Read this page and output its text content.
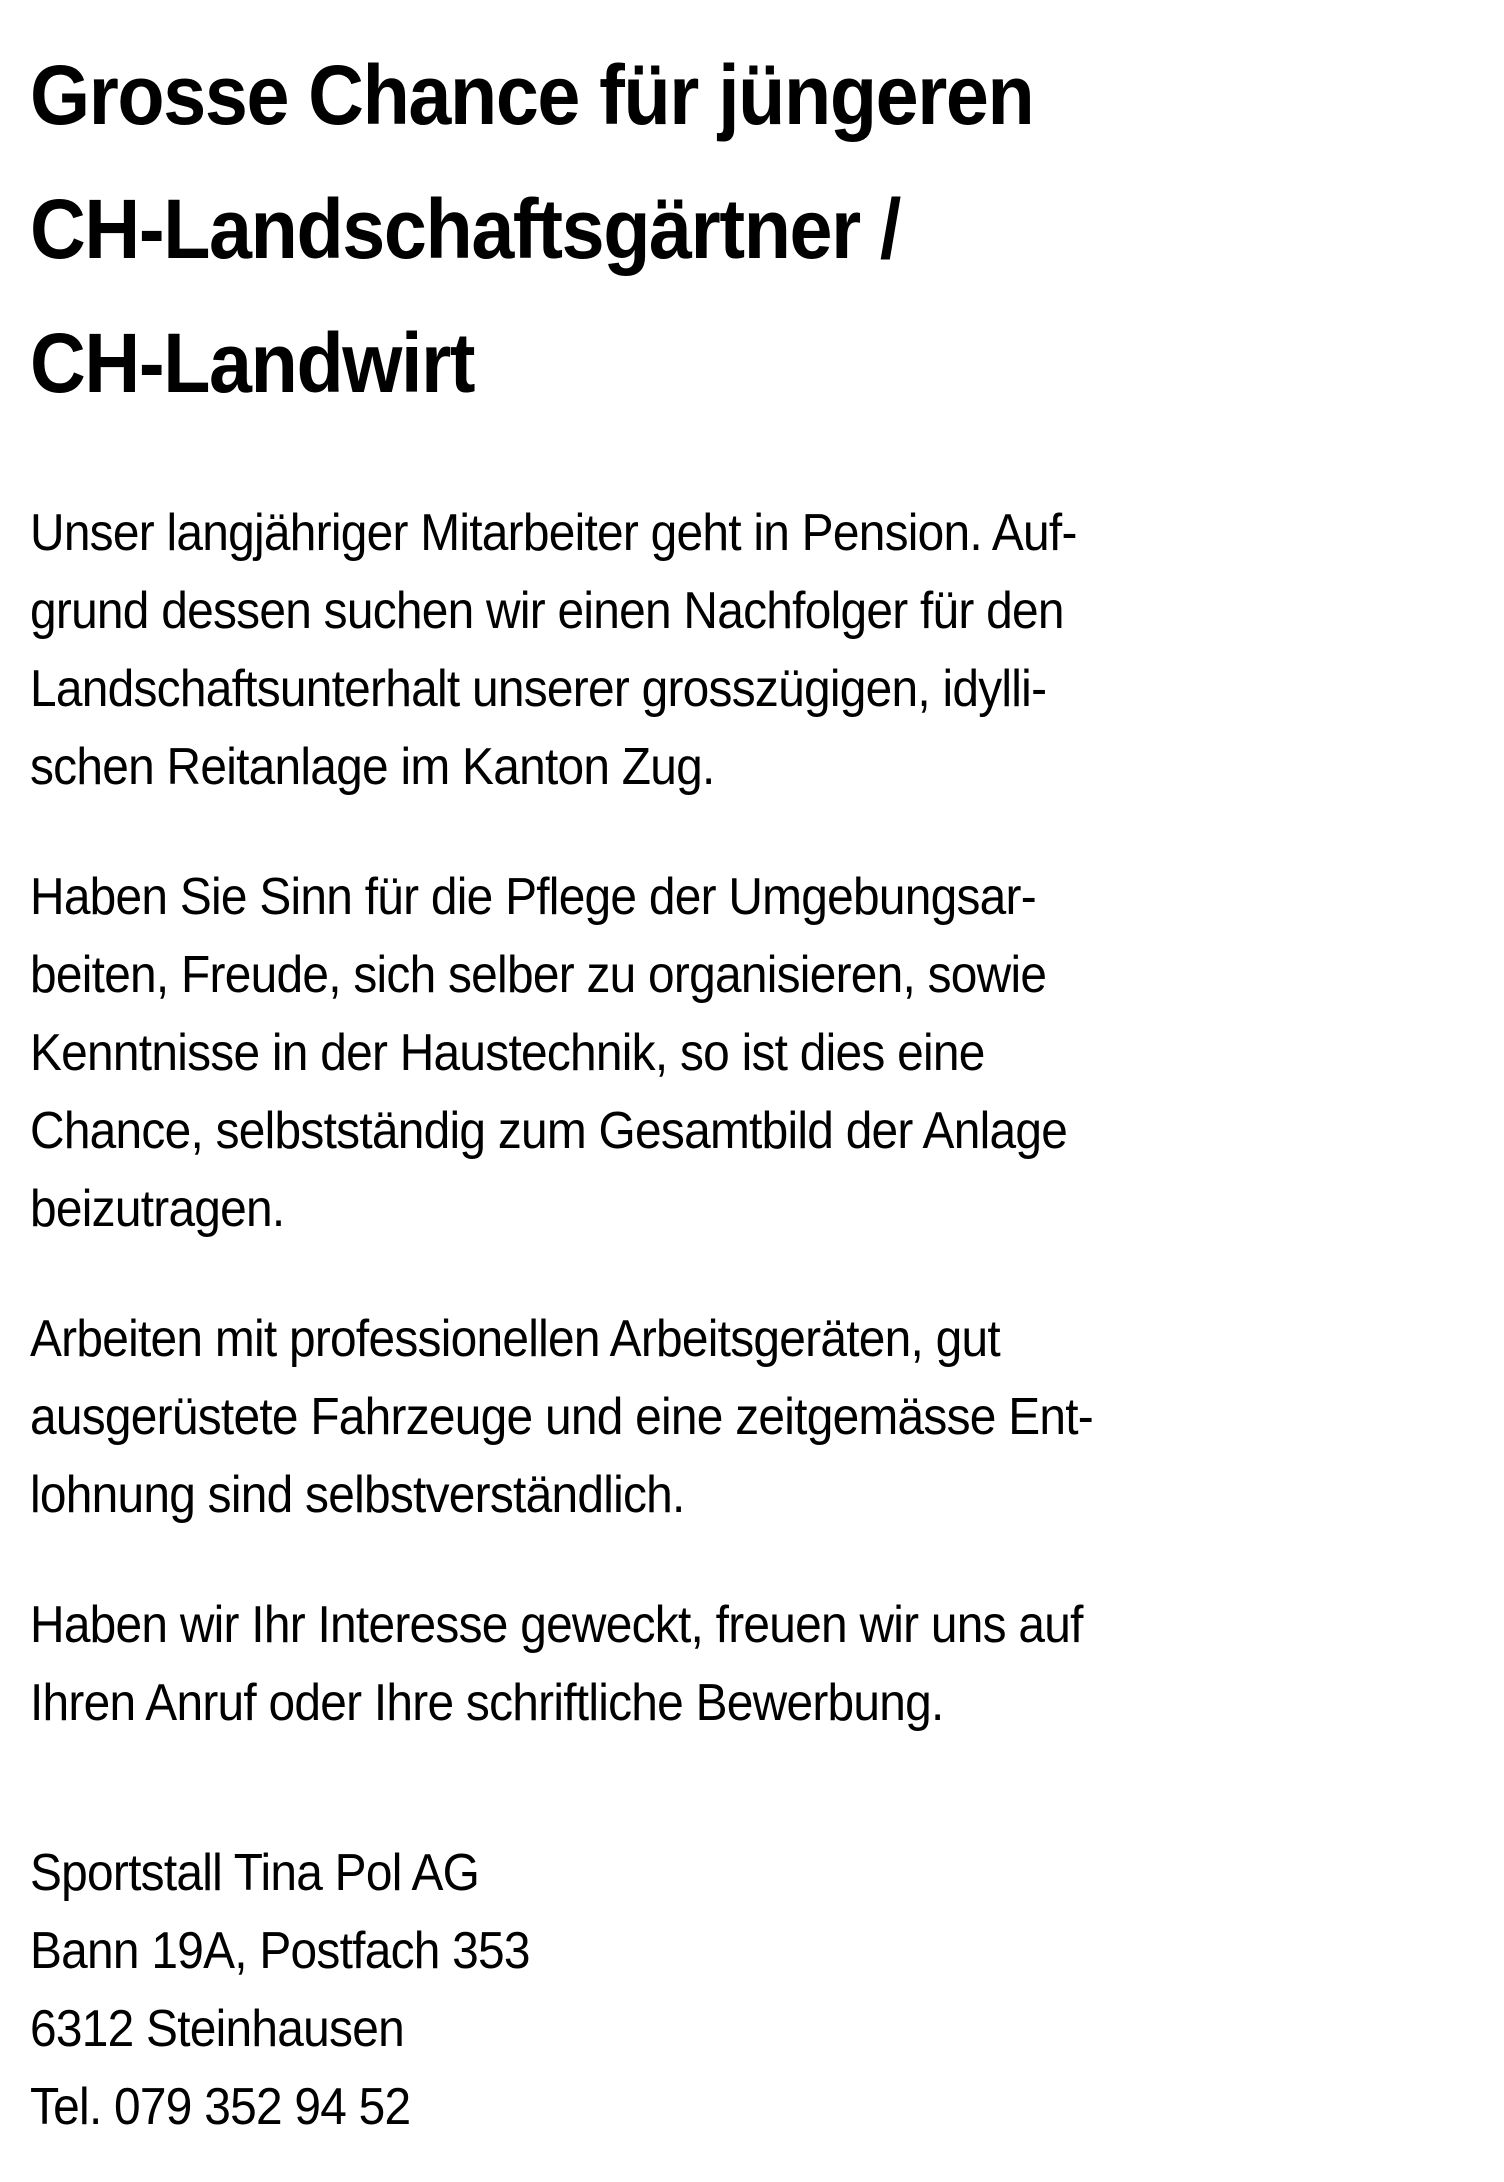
Grosse Chance für jüngeren
CH-Landschaftsgärtner /
CH-Landwirt
Unser langjähriger Mitarbeiter geht in Pension. Auf-
grund dessen suchen wir einen Nachfolger für den
Landschaftsunterhalt unserer grosszügigen, idylli-
schen Reitanlage im Kanton Zug.
Haben Sie Sinn für die Pflege der Umgebungsar-
beiten, Freude, sich selber zu organisieren, sowie
Kenntnisse in der Haustechnik, so ist dies eine
Chance, selbstständig zum Gesamtbild der Anlage
beizutragen.
Arbeiten mit professionellen Arbeitsgeräten, gut
ausgerüstete Fahrzeuge und eine zeitgemässe Ent-
lohnung sind selbstverständlich.
Haben wir Ihr Interesse geweckt, freuen wir uns auf
Ihren Anruf oder Ihre schriftliche Bewerbung.
Sportstall Tina Pol AG
Bann 19A, Postfach 353
6312 Steinhausen
Tel. 079 352 94 52
